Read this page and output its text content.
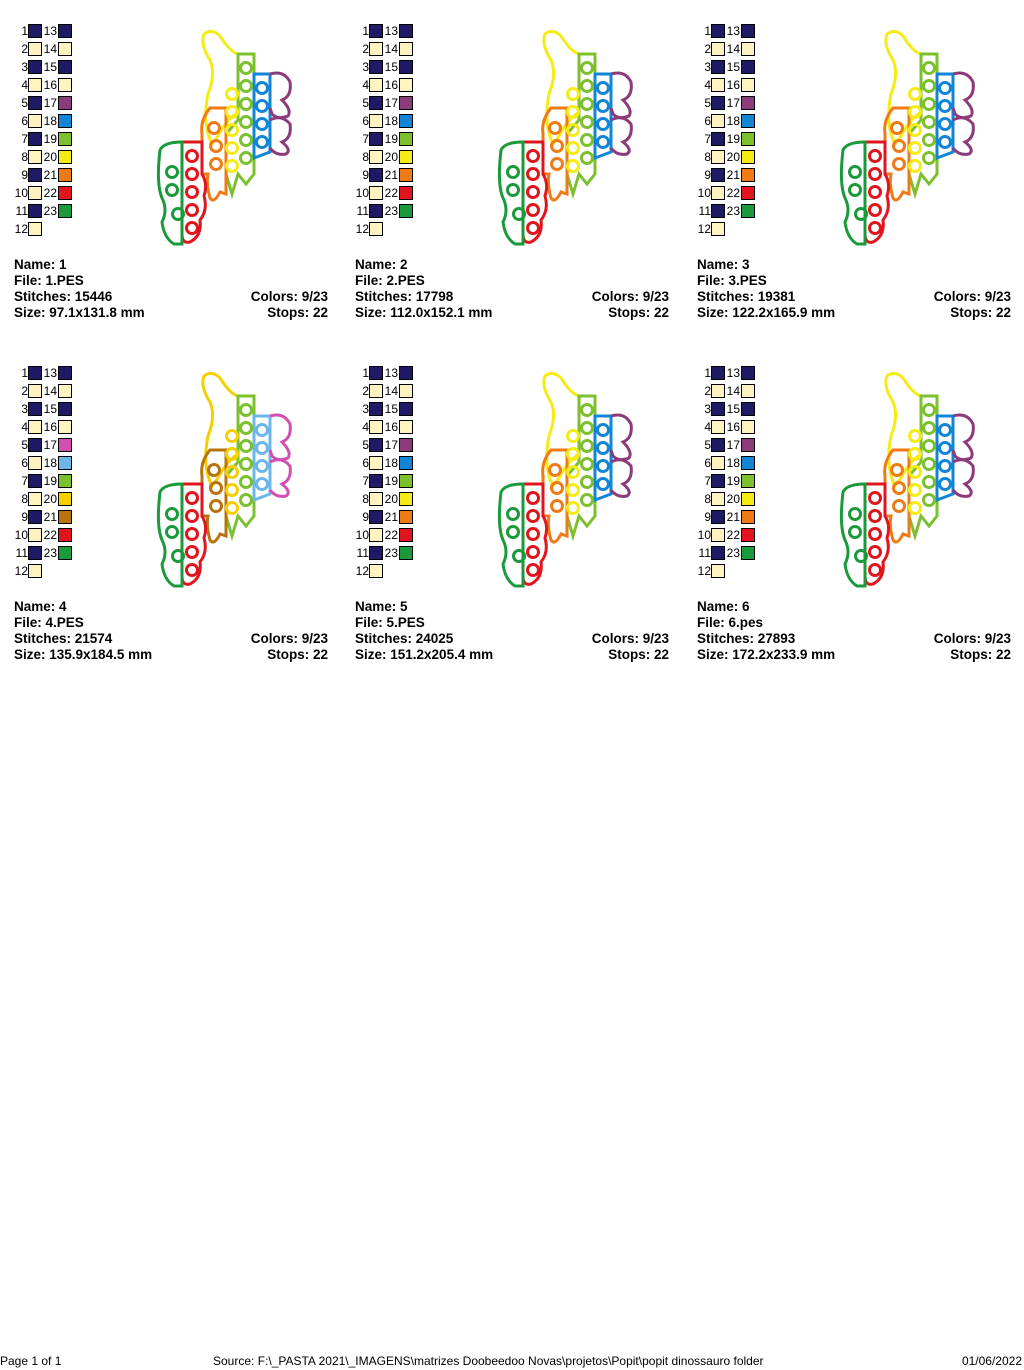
1 13
2 14
3 15
4 16
5 17
6 18
7 19
8 20
9 21
10 22
11 23
12
Name: 1
File: 1.PES
Stitches: 15446	Colors: 9/23
Size: 97.1x131.8 mm	Stops: 22
1 13
2 14
3 15
4 16
5 17
6 18
7 19
8 20
9 21
10 22
11 23
12
Name: 2
File: 2.PES
Stitches: 17798	Colors: 9/23
Size: 112.0x152.1 mm	Stops: 22
1 13
2 14
3 15
4 16
5 17
6 18
7 19
8 20
9 21
10 22
11 23
12
Name: 3
File: 3.PES
Stitches: 19381	Colors: 9/23
Size: 122.2x165.9 mm	Stops: 22
1 13
2 14
3 15
4 16
5 17
6 18
7 19
8 20
9 21
10 22
11 23
12
Name: 4
File: 4.PES
Stitches: 21574	Colors: 9/23
Size: 135.9x184.5 mm	Stops: 22
1 13
2 14
3 15
4 16
5 17
6 18
7 19
8 20
9 21
10 22
11 23
12
Name: 5
File: 5.PES
Stitches: 24025	Colors: 9/23
Size: 151.2x205.4 mm	Stops: 22
1 13
2 14
3 15
4 16
5 17
6 18
7 19
8 20
9 21
10 22
11 23
12
Name: 6
File: 6.pes
Stitches: 27893	Colors: 9/23
Size: 172.2x233.9 mm	Stops: 22
Page 1 of 1	Source: F:\_PASTA 2021\_IMAGENS\matrizes Doobeedoo Novas\projetos\Popit\popit dinossauro folder	01/06/2022
